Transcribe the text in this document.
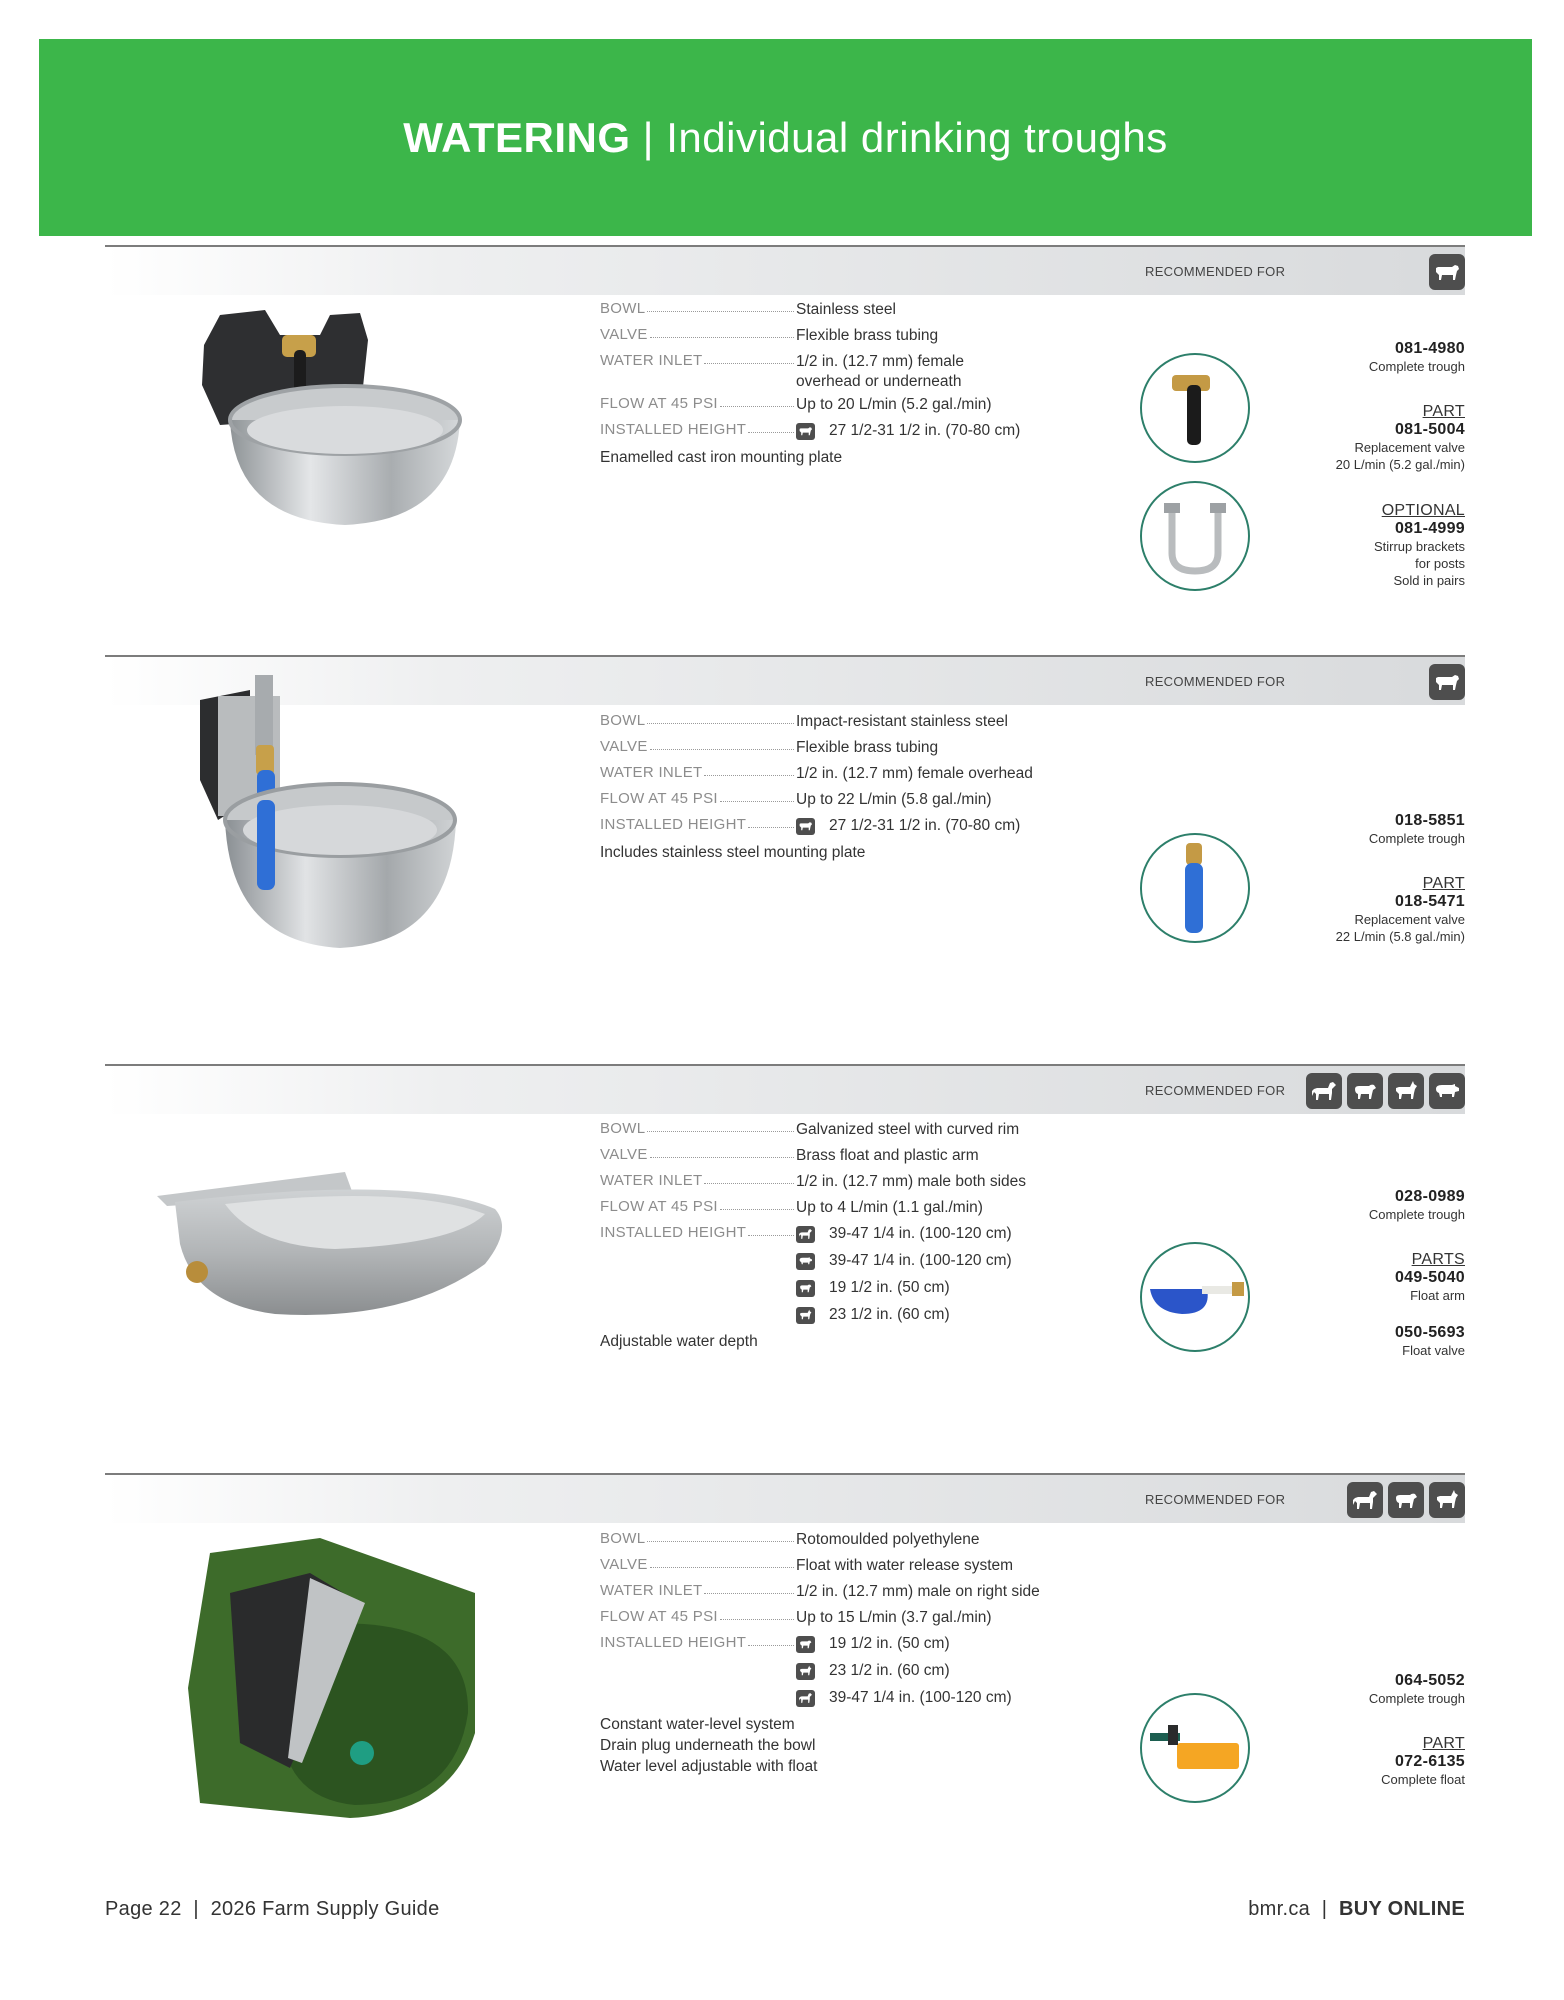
WATERING | Individual drinking troughs
RECOMMENDED FOR
BOWL	Stainless steel
VALVE	Flexible brass tubing
WATER INLET	1/2 in. (12.7 mm) female overhead or underneath
FLOW AT 45 PSI	Up to 20 L/min (5.2 gal./min)
INSTALLED HEIGHT	27 1/2-31 1/2 in. (70-80 cm)
Enamelled cast iron mounting plate
081-4980
Complete trough
PART
081-5004
Replacement valve
20 L/min (5.2 gal./min)
OPTIONAL
081-4999
Stirrup brackets
for posts
Sold in pairs
RECOMMENDED FOR
BOWL	Impact-resistant stainless steel
VALVE	Flexible brass tubing
WATER INLET	1/2 in. (12.7 mm) female overhead
FLOW AT 45 PSI	Up to 22 L/min (5.8 gal./min)
INSTALLED HEIGHT	27 1/2-31 1/2 in. (70-80 cm)
Includes stainless steel mounting plate
018-5851
Complete trough
PART
018-5471
Replacement valve
22 L/min (5.8 gal./min)
RECOMMENDED FOR
BOWL	Galvanized steel with curved rim
VALVE	Brass float and plastic arm
WATER INLET	1/2 in. (12.7 mm) male both sides
FLOW AT 45 PSI	Up to 4 L/min (1.1 gal./min)
INSTALLED HEIGHT	39-47 1/4 in. (100-120 cm)
39-47 1/4 in. (100-120 cm)
19 1/2 in. (50 cm)
23 1/2 in. (60 cm)
Adjustable water depth
028-0989
Complete trough
PARTS
049-5040
Float arm
050-5693
Float valve
RECOMMENDED FOR
BOWL	Rotomoulded polyethylene
VALVE	Float with water release system
WATER INLET	1/2 in. (12.7 mm) male on right side
FLOW AT 45 PSI	Up to 15 L/min (3.7 gal./min)
INSTALLED HEIGHT	19 1/2 in. (50 cm)
23 1/2 in. (60 cm)
39-47 1/4 in. (100-120 cm)
Constant water-level system
Drain plug underneath the bowl
Water level adjustable with float
064-5052
Complete trough
PART
072-6135
Complete float
Page 22 | 2026 Farm Supply Guide	bmr.ca | BUY ONLINE
